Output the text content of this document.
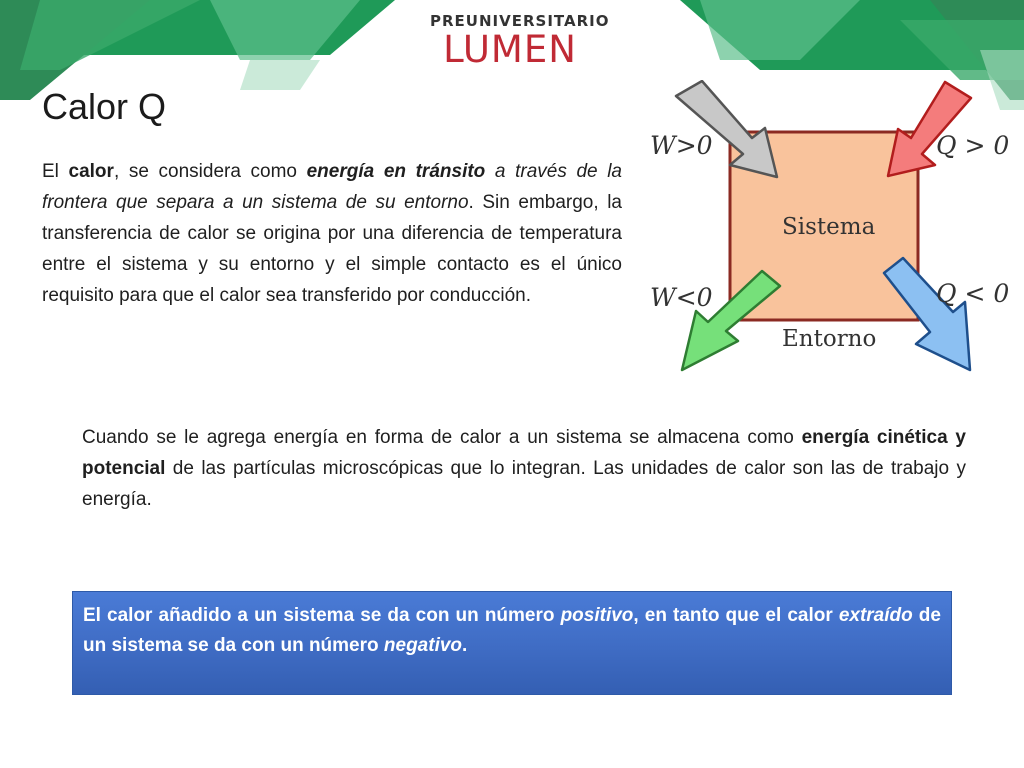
PREUNIVERSITARIO
LUMEN
Calor Q
El calor, se considera como energía en tránsito a través de la frontera que separa a un sistema de su entorno. Sin embargo, la transferencia de calor se origina por una diferencia de temperatura entre el sistema y su entorno y el simple contacto es el único requisito para que el calor sea transferido por conducción.
Sistema
Entorno
W>0	Q > 0
W<0	Q < 0
Cuando se le agrega energía en forma de calor a un sistema se almacena como energía cinética y potencial de las partículas microscópicas que lo integran. Las unidades de calor son las de trabajo y energía.
El calor añadido a un sistema se da con un número positivo, en tanto que el calor extraído de un sistema se da con un número negativo.
